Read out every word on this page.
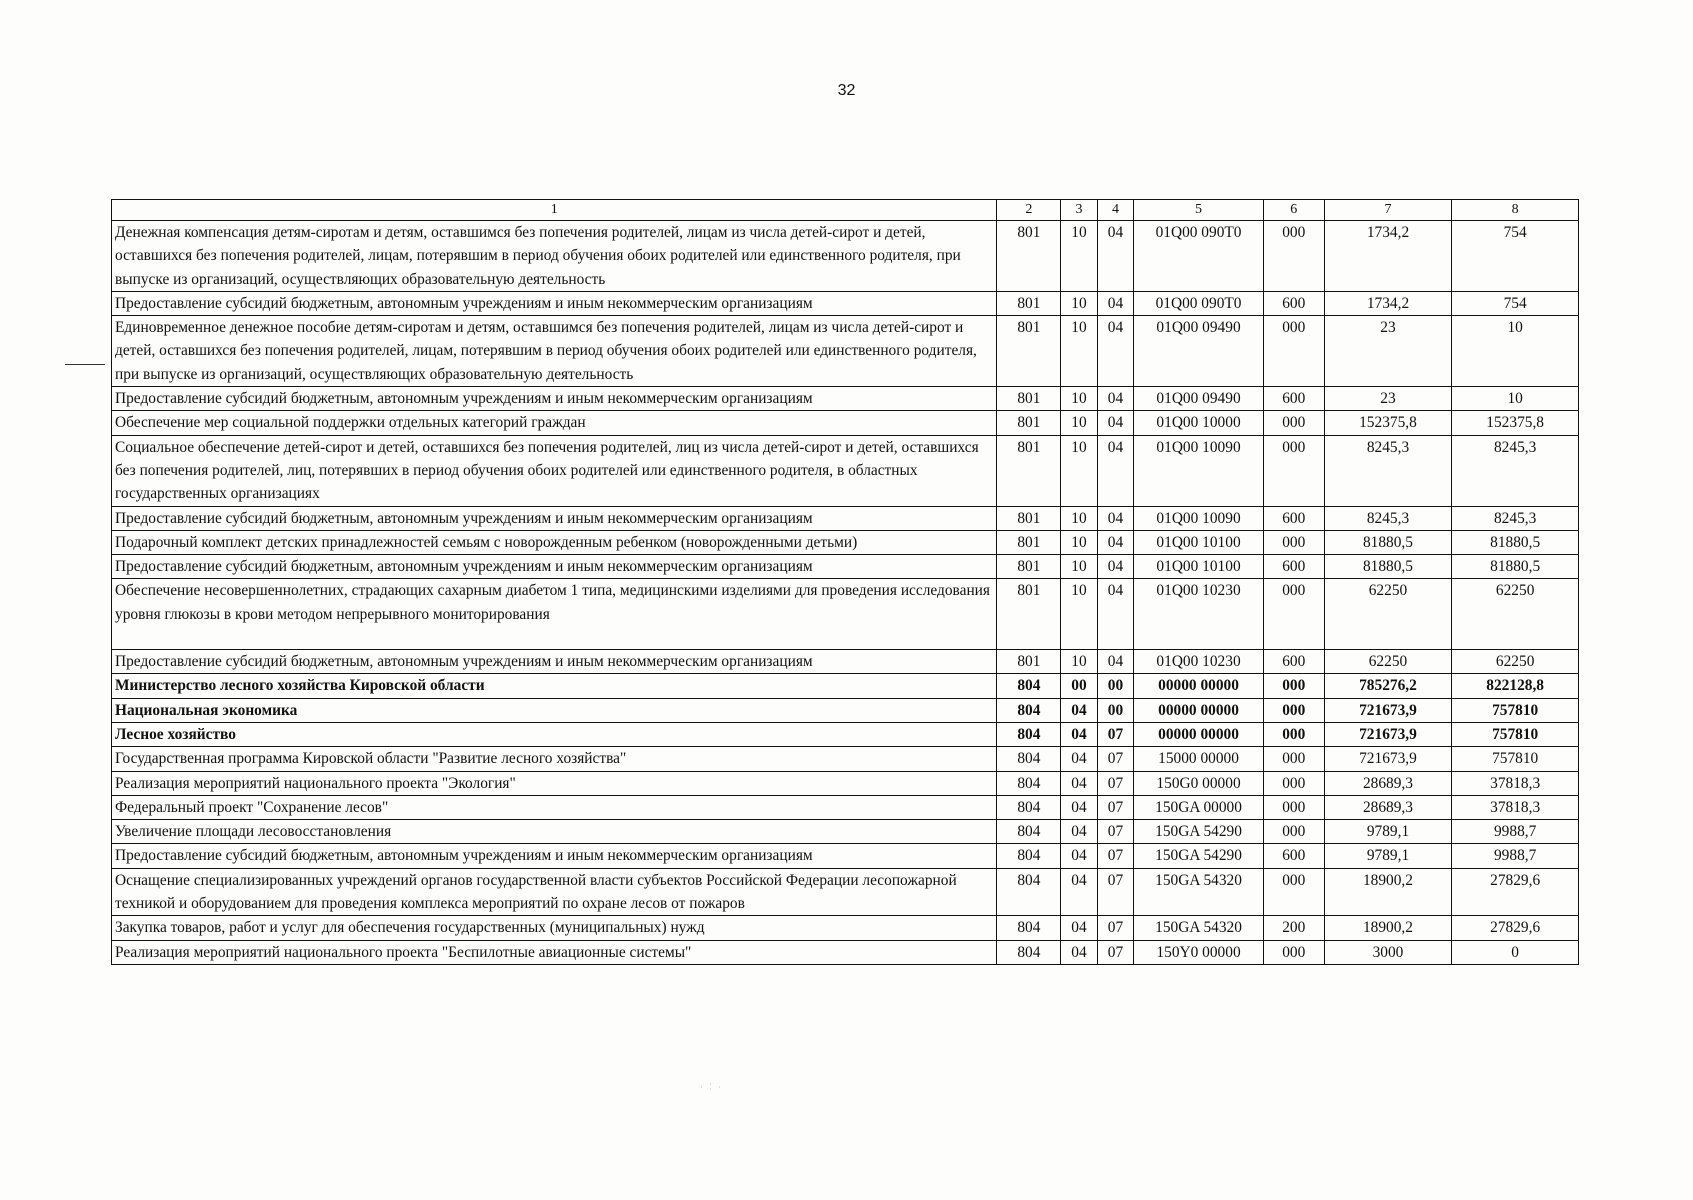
32
1	2	3	4	5	6	7	8
Денежная компенсация детям-сиротам и детям, оставшимся без попечения родителей, лицам из числа детей-сирот и детей, оставшихся без попечения родителей, лицам, потерявшим в период обучения обоих родителей или единственного родителя, при выпуске из организаций, осуществляющих образовательную деятельность	801	10	04	01Q00 090T0	000	1734,2	754
Предоставление субсидий бюджетным, автономным учреждениям и иным некоммерческим организациям	801	10	04	01Q00 090T0	600	1734,2	754
Единовременное денежное пособие детям-сиротам и детям, оставшимся без попечения родителей, лицам из числа детей-сирот и детей, оставшихся без попечения родителей, лицам, потерявшим в период обучения обоих родителей или единственного родителя, при выпуске из организаций, осуществляющих образовательную деятельность	801	10	04	01Q00 09490	000	23	10
Предоставление субсидий бюджетным, автономным учреждениям и иным некоммерческим организациям	801	10	04	01Q00 09490	600	23	10
Обеспечение мер социальной поддержки отдельных категорий граждан	801	10	04	01Q00 10000	000	152375,8	152375,8
Социальное обеспечение детей-сирот и детей, оставшихся без попечения родителей, лиц из числа детей-сирот и детей, оставшихся без попечения родителей, лиц, потерявших в период обучения обоих родителей или единственного родителя, в областных государственных организациях	801	10	04	01Q00 10090	000	8245,3	8245,3
Предоставление субсидий бюджетным, автономным учреждениям и иным некоммерческим организациям	801	10	04	01Q00 10090	600	8245,3	8245,3
Подарочный комплект детских принадлежностей семьям с новорожденным ребенком (новорожденными детьми)	801	10	04	01Q00 10100	000	81880,5	81880,5
Предоставление субсидий бюджетным, автономным учреждениям и иным некоммерческим организациям	801	10	04	01Q00 10100	600	81880,5	81880,5
Обеспечение несовершеннолетних, страдающих сахарным диабетом 1 типа, медицинскими изделиями для проведения исследования уровня глюкозы в крови методом непрерывного мониторирования	801	10	04	01Q00 10230	000	62250	62250
Предоставление субсидий бюджетным, автономным учреждениям и иным некоммерческим организациям	801	10	04	01Q00 10230	600	62250	62250
Министерство лесного хозяйства Кировской области	804	00	00	00000 00000	000	785276,2	822128,8
Национальная экономика	804	04	00	00000 00000	000	721673,9	757810
Лесное хозяйство	804	04	07	00000 00000	000	721673,9	757810
Государственная программа Кировской области "Развитие лесного хозяйства"	804	04	07	15000 00000	000	721673,9	757810
Реализация мероприятий национального проекта "Экология"	804	04	07	150G0 00000	000	28689,3	37818,3
Федеральный проект "Сохранение лесов"	804	04	07	150GA 00000	000	28689,3	37818,3
Увеличение площади лесовосстановления	804	04	07	150GA 54290	000	9789,1	9988,7
Предоставление субсидий бюджетным, автономным учреждениям и иным некоммерческим организациям	804	04	07	150GA 54290	600	9789,1	9988,7
Оснащение специализированных учреждений органов государственной власти субъектов Российской Федерации лесопожарной техникой и оборудованием для проведения комплекса мероприятий по охране лесов от пожаров	804	04	07	150GA 54320	000	18900,2	27829,6
Закупка товаров, работ и услуг для обеспечения государственных (муниципальных) нужд	804	04	07	150GA 54320	200	18900,2	27829,6
Реализация мероприятий национального проекта "Беспилотные авиационные системы"	804	04	07	150Y0 00000	000	3000	0
·︰·
